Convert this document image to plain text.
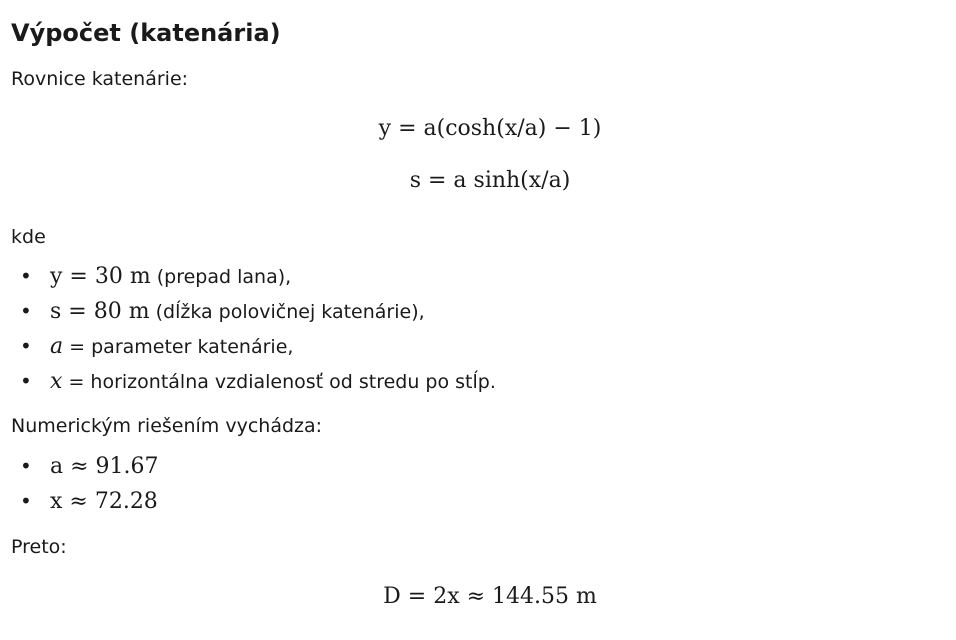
Výpočet (katenária)

Rovnice katenárie:

y = a(cosh(x/a) − 1)
s = a sinh(x/a)

kde

• y = 30 m (prepad lana),
• s = 80 m (dĺžka polovičnej katenárie),
• a = parameter katenárie,
• x = horizontálna vzdialenosť od stredu po stĺp.

Numerickým riešením vychádza:

• a ≈ 91.67
• x ≈ 72.28

Preto:

D = 2x ≈ 144.55 m
